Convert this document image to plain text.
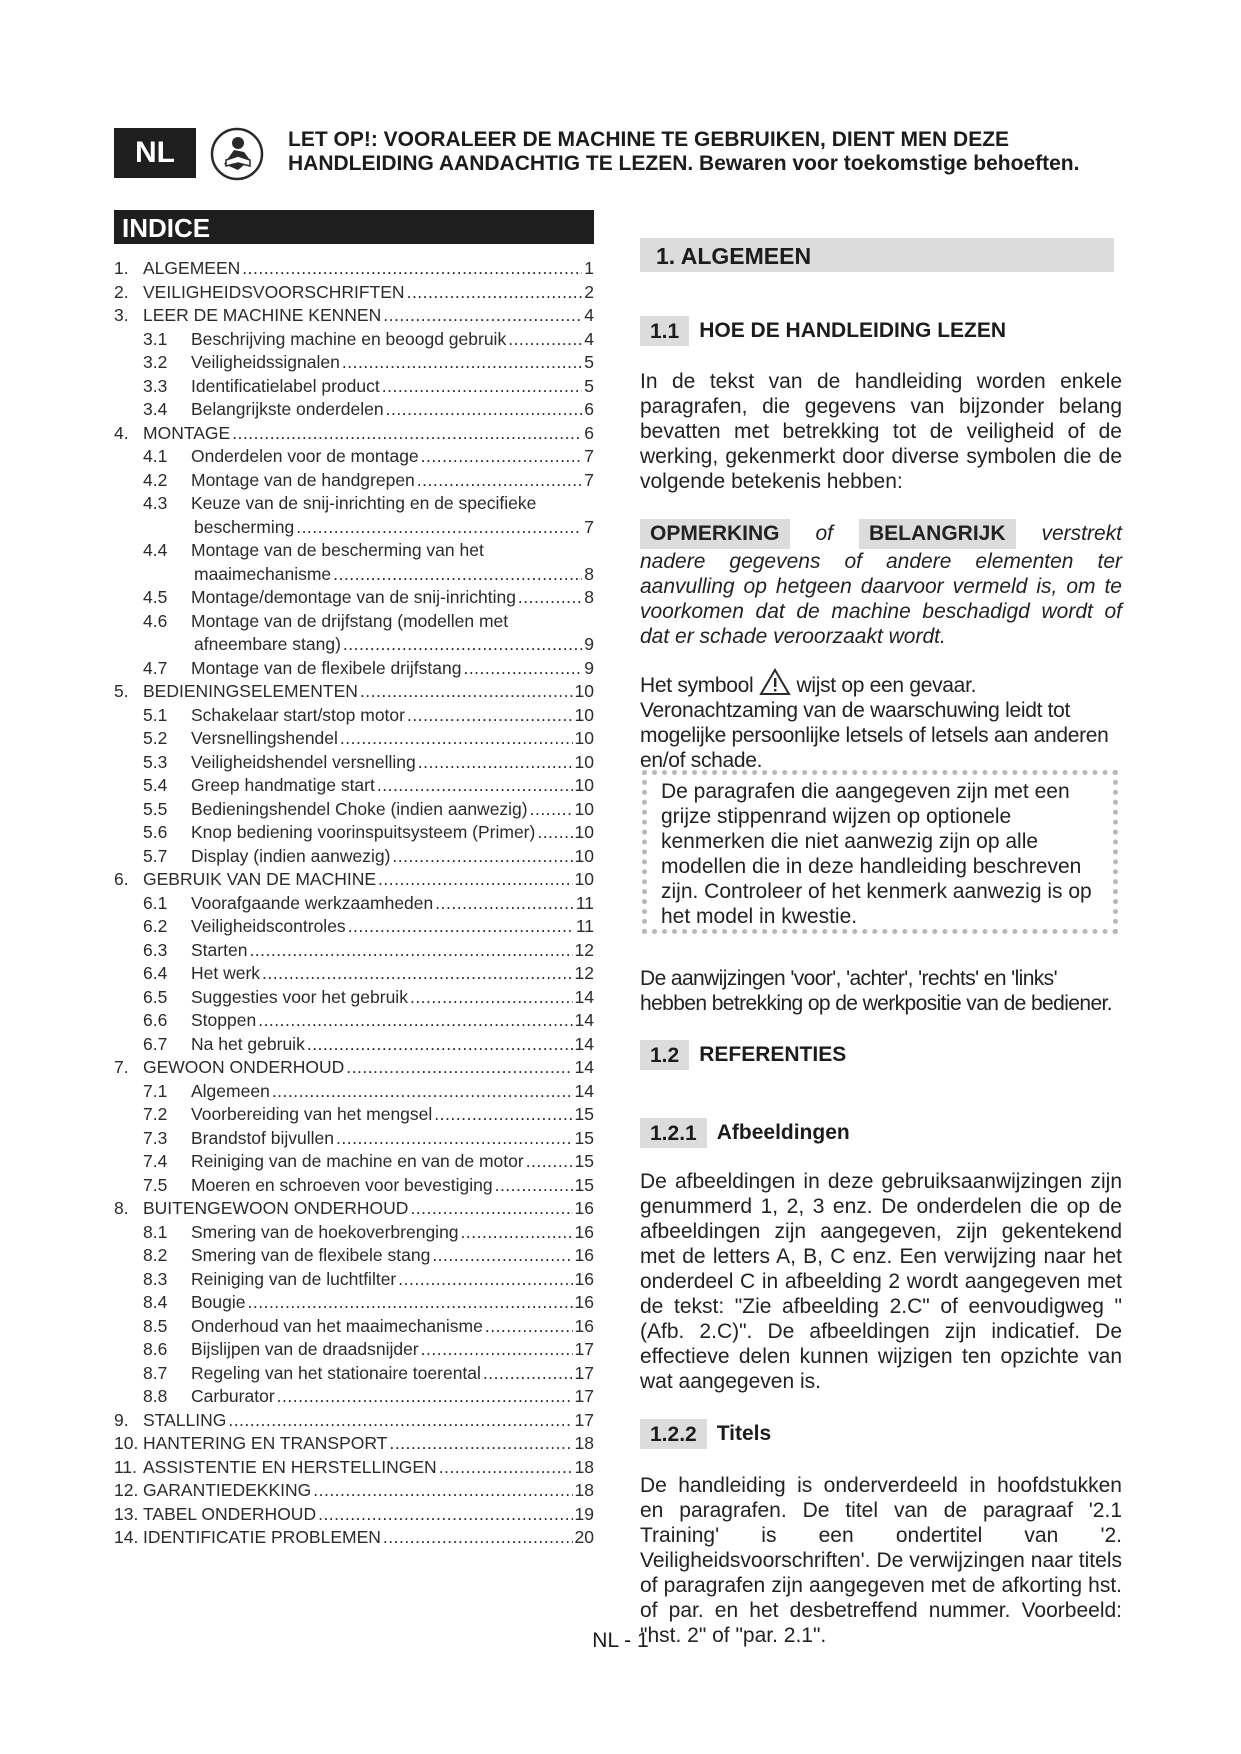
NL	LET OP!: VOORALEER DE MACHINE TE GEBRUIKEN, DIENT MEN DEZE HANDLEIDING AANDACHTIG TE LEZEN. Bewaren voor toekomstige behoeften.
INDICE
1. ALGEMEEN .....	1
2. VEILIGHEIDSVOORSCHRIFTEN .....	2
3. LEER DE MACHINE KENNEN .....	4
3.1	Beschrijving machine en beoogd gebruik .....	4
3.2	Veiligheidssignalen .....	5
3.3	Identificatielabel product .....	5
3.4	Belangrijkste onderdelen .....	6
4. MONTAGE .....	6
4.1	Onderdelen voor de montage .....	7
4.2	Montage van de handgrepen .....	7
4.3	Keuze van de snij-inrichting en de specifieke
bescherming .....	7
4.4	Montage van de bescherming van het
maaimechanisme .....	8
4.5	Montage/demontage van de snij-inrichting .....	8
4.6	Montage van de drijfstang (modellen met
afneembare stang) .....	9
4.7	Montage van de flexibele drijfstang .....	9
5. BEDIENINGSELEMENTEN .....	10
5.1	Schakelaar start/stop motor .....	10
5.2	Versnellingshendel .....	10
5.3	Veiligheidshendel versnelling .....	10
5.4	Greep handmatige start .....	10
5.5	Bedieningshendel Choke (indien aanwezig) .....	10
5.6	Knop bediening voorinspuitsysteem (Primer) ..... 10
5.7	Display (indien aanwezig) .....	10
6. GEBRUIK VAN DE MACHINE .....	10
6.1	Voorafgaande werkzaamheden .....	11
6.2	Veiligheidscontroles .....	11
6.3	Starten .....	12
6.4	Het werk .....	12
6.5	Suggesties voor het gebruik .....	14
6.6	Stoppen .....	14
6.7	Na het gebruik .....	14
7. GEWOON ONDERHOUD .....	14
7.1	Algemeen .....	14
7.2	Voorbereiding van het mengsel .....	15
7.3	Brandstof bijvullen .....	15
7.4	Reiniging van de machine en van de motor .....	15
7.5	Moeren en schroeven voor bevestiging .....	15
8. BUITENGEWOON ONDERHOUD .....	16
8.1	Smering van de hoekoverbrenging .....	16
8.2	Smering van de flexibele stang .....	16
8.3	Reiniging van de luchtfilter .....	16
8.4	Bougie .....	16
8.5	Onderhoud van het maaimechanisme .....	16
8.6	Bijslijpen van de draadsnijder .....	17
8.7	Regeling van het stationaire toerental .....	17
8.8	Carburator .....	17
9. STALLING .....	17
10. HANTERING EN TRANSPORT .....	18
11. ASSISTENTIE EN HERSTELLINGEN .....	18
12. GARANTIEDEKKING .....	18
13. TABEL ONDERHOUD .....	19
14. IDENTIFICATIE PROBLEMEN .....	20
1. ALGEMEEN
1.1 HOE DE HANDLEIDING LEZEN
In de tekst van de handleiding worden enkele paragrafen, die gegevens van bijzonder belang bevatten met betrekking tot de veiligheid of de werking, gekenmerkt door diverse symbolen die de volgende betekenis hebben:
OPMERKING of BELANGRIJK verstrekt nadere gegevens of andere elementen ter aanvulling op hetgeen daarvoor vermeld is, om te voorkomen dat de machine beschadigd wordt of dat er schade veroorzaakt wordt.
Het symbool wijst op een gevaar. Veronachtzaming van de waarschuwing leidt tot mogelijke persoonlijke letsels of letsels aan anderen en/of schade.
De paragrafen die aangegeven zijn met een grijze stippenrand wijzen op optionele kenmerken die niet aanwezig zijn op alle modellen die in deze handleiding beschreven zijn. Controleer of het kenmerk aanwezig is op het model in kwestie.
De aanwijzingen 'voor', 'achter', 'rechts' en 'links' hebben betrekking op de werkpositie van de bediener.
1.2 REFERENTIES
1.2.1 Afbeeldingen
De afbeeldingen in deze gebruiksaanwijzingen zijn genummerd 1, 2, 3 enz. De onderdelen die op de afbeeldingen zijn aangegeven, zijn gekentekend met de letters A, B, C enz. Een verwijzing naar het onderdeel C in afbeelding 2 wordt aangegeven met de tekst: "Zie afbeelding 2.C" of eenvoudigweg "(Afb. 2.C)". De afbeeldingen zijn indicatief. De effectieve delen kunnen wijzigen ten opzichte van wat aangegeven is.
1.2.2 Titels
De handleiding is onderverdeeld in hoofdstukken en paragrafen. De titel van de paragraaf '2.1 Training' is een ondertitel van '2. Veiligheidsvoorschriften'. De verwijzingen naar titels of paragrafen zijn aangegeven met de afkorting hst. of par. en het desbetreffend nummer. Voorbeeld: "hst. 2" of "par. 2.1".
NL - 1
